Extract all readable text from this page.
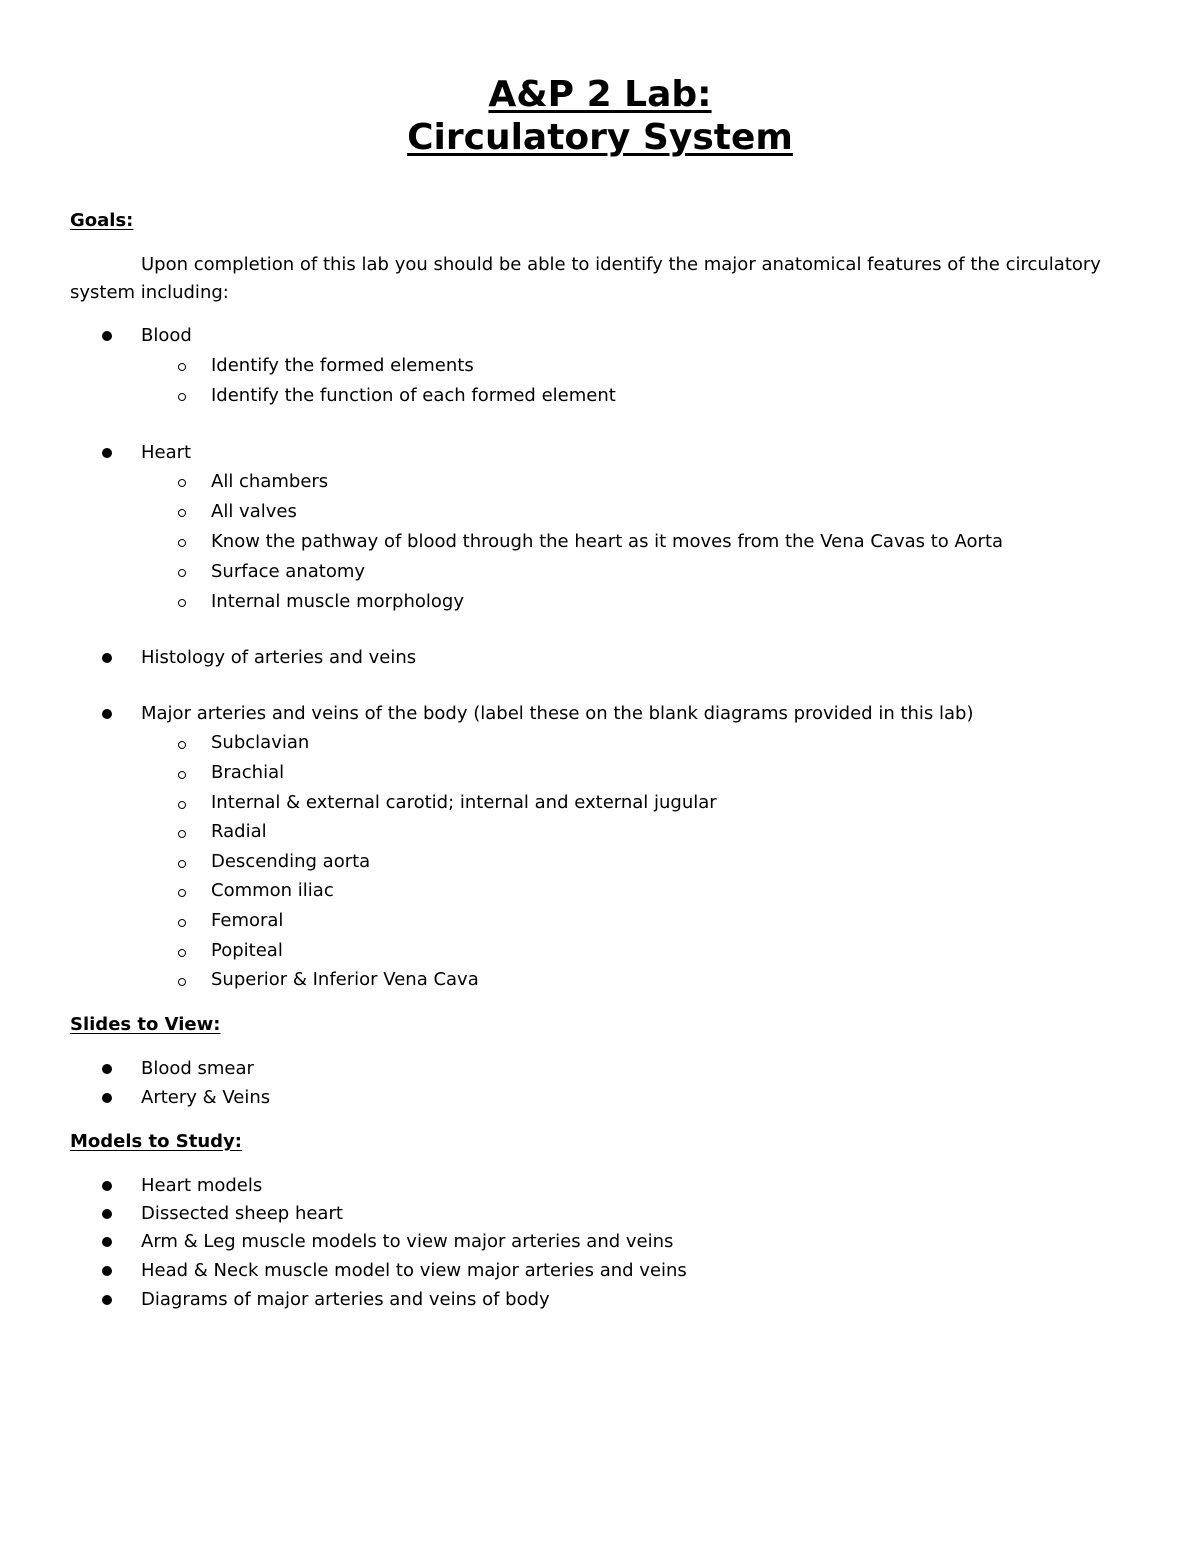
A&P 2 Lab:
Circulatory System
Goals:
Upon completion of this lab you should be able to identify the major anatomical features of the circulatory
system including:
Blood
Identify the formed elements
Identify the function of each formed element
Heart
All chambers
All valves
Know the pathway of blood through the heart as it moves from the Vena Cavas to Aorta
Surface anatomy
Internal muscle morphology
Histology of arteries and veins
Major arteries and veins of the body (label these on the blank diagrams provided in this lab)
Subclavian
Brachial
Internal & external carotid; internal and external jugular
Radial
Descending aorta
Common iliac
Femoral
Popiteal
Superior & Inferior Vena Cava
Slides to View:
Blood smear
Artery & Veins
Models to Study:
Heart models
Dissected sheep heart
Arm & Leg muscle models to view major arteries and veins
Head & Neck muscle model to view major arteries and veins
Diagrams of major arteries and veins of body
